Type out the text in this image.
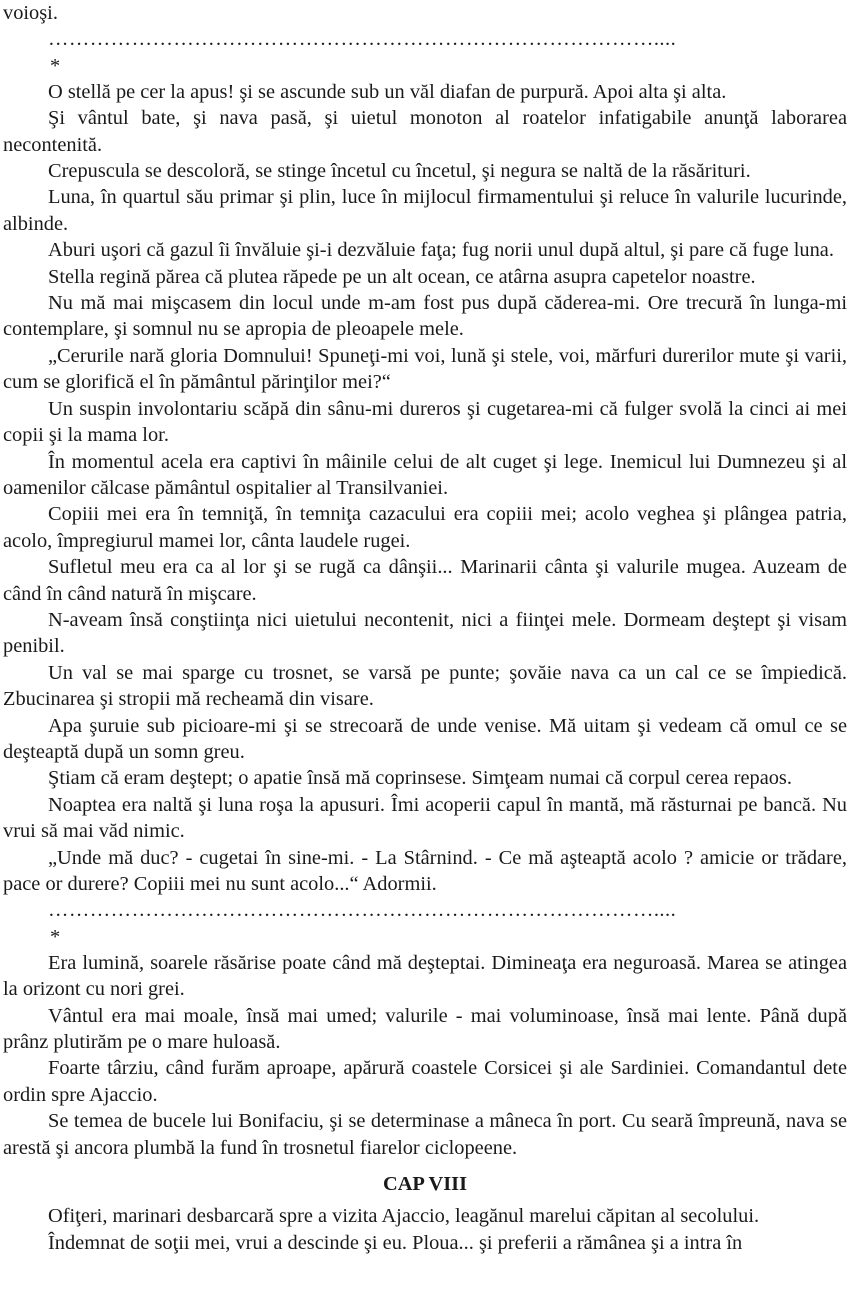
voioşi.

……………………………………………………………………………....
*

O stellă pe cer la apus! şi se ascunde sub un văl diafan de purpură. Apoi alta şi alta.

Şi vântul bate, şi nava pasă, şi uietul monoton al roatelor infatigabile anunţă laborarea necontenită.

Crepuscula se descoloră, se stinge încetul cu încetul, şi negura se naltă de la răsărituri.

Luna, în quartul său primar şi plin, luce în mijlocul firmamentului şi reluce în valurile lucurinde, albinde.

Aburi uşori că gazul îi învăluie şi-i dezvăluie faţa; fug norii unul după altul, şi pare că fuge luna.

Stella regină părea că plutea răpede pe un alt ocean, ce atârna asupra capetelor noastre.

Nu mă mai mişcasem din locul unde m-am fost pus după căderea-mi. Ore trecură în lunga-mi contemplare, şi somnul nu se apropia de pleoapele mele.

„Cerurile nară gloria Domnului! Spuneţi-mi voi, lună şi stele, voi, mărfuri durerilor mute şi varii, cum se glorifică el în pământul părinţilor mei?“

Un suspin involontariu scăpă din sânu-mi dureros şi cugetarea-mi că fulger svolă la cinci ai mei copii şi la mama lor.

În momentul acela era captivi în mâinile celui de alt cuget şi lege. Inemicul lui Dumnezeu şi al oamenilor călcase pământul ospitalier al Transilvaniei.

Copiii mei era în temniţă, în temniţa cazacului era copiii mei; acolo veghea şi plângea patria, acolo, împregiurul mamei lor, cânta laudele rugei.

Sufletul meu era ca al lor şi se rugă ca dânşii... Marinarii cânta şi valurile mugea. Auzeam de când în când natură în mişcare.

N-aveam însă conştiinţa nici uietului necontenit, nici a fiinţei mele. Dormeam deştept şi visam penibil.

Un val se mai sparge cu trosnet, se varsă pe punte; şovăie nava ca un cal ce se împiedică. Zbucinarea şi stropii mă recheamă din visare.

Apa şuruie sub picioare-mi şi se strecoară de unde venise. Mă uitam şi vedeam că omul ce se deşteaptă după un somn greu.

Ştiam că eram deştept; o apatie însă mă coprinsese. Simţeam numai că corpul cerea repaos.

Noaptea era naltă şi luna roşa la apusuri. Îmi acoperii capul în mantă, mă răsturnai pe bancă. Nu vrui să mai văd nimic.

„Unde mă duc? - cugetai în sine-mi. - La Stârnind. - Ce mă aşteaptă acolo ? amicie or trădare, pace or durere? Copiii mei nu sunt acolo...“ Adormii.

……………………………………………………………………………....
*

Era lumină, soarele răsărise poate când mă deşteptai. Dimineaţa era neguroasă. Marea se atingea la orizont cu nori grei.

Vântul era mai moale, însă mai umed; valurile - mai voluminoase, însă mai lente. Până după prânz plutirăm pe o mare huloasă.

Foarte târziu, când furăm aproape, apărură coastele Corsicei şi ale Sardiniei. Comandantul dete ordin spre Ajaccio.

Se temea de bucele lui Bonifaciu, şi se determinase a mâneca în port. Cu seară împreună, nava se arestă şi ancora plumbă la fund în trosnetul fiarelor ciclopeene.

CAP VIII

Ofiţeri, marinari desbarcară spre a vizita Ajaccio, leagănul marelui căpitan al secolului.

Îndemnat de soţii mei, vrui a descinde şi eu. Ploua... şi preferii a rămânea şi a intra în
